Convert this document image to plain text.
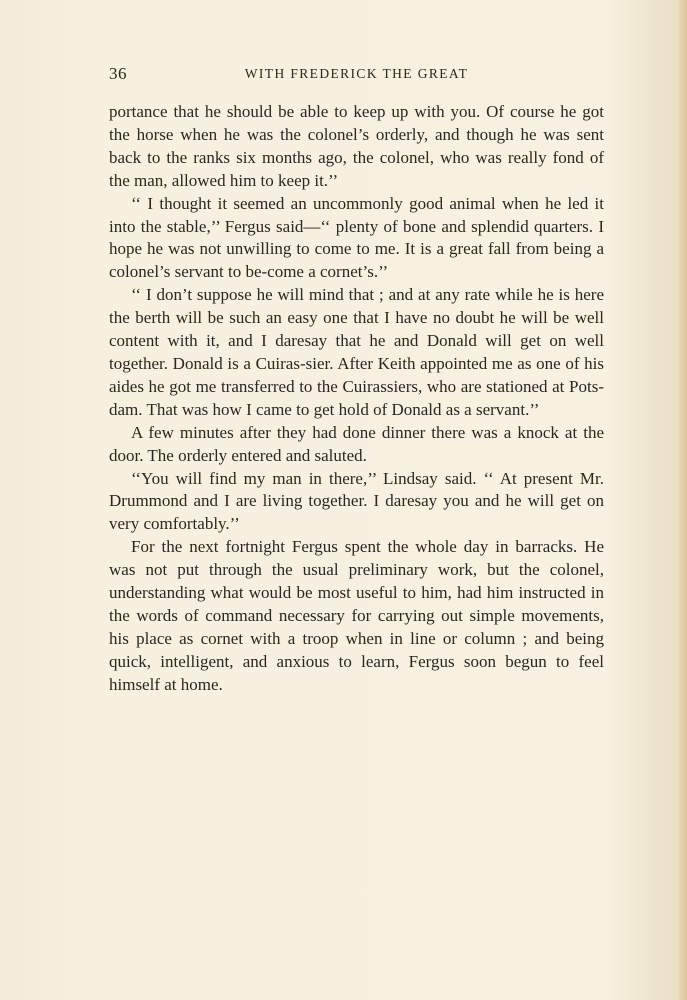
36	WITH FREDERICK THE GREAT

portance that he should be able to keep up with you. Of course he got the horse when he was the colonel’s orderly, and though he was sent back to the ranks six months ago, the colonel, who was really fond of the man, allowed him to keep it.’’

‘‘ I thought it seemed an uncommonly good animal when he led it into the stable,’’ Fergus said—‘‘ plenty of bone and splendid quarters. I hope he was not unwilling to come to me. It is a great fall from being a colonel’s servant to be-come a cornet’s.’’

‘‘ I don’t suppose he will mind that ; and at any rate while he is here the berth will be such an easy one that I have no doubt he will be well content with it, and I daresay that he and Donald will get on well together. Donald is a Cuiras-sier. After Keith appointed me as one of his aides he got me transferred to the Cuirassiers, who are stationed at Pots-dam. That was how I came to get hold of Donald as a servant.’’

A few minutes after they had done dinner there was a knock at the door. The orderly entered and saluted.

‘‘You will find my man in there,’’ Lindsay said. ‘‘ At present Mr. Drummond and I are living together. I daresay you and he will get on very comfortably.’’

For the next fortnight Fergus spent the whole day in barracks. He was not put through the usual preliminary work, but the colonel, understanding what would be most useful to him, had him instructed in the words of command necessary for carrying out simple movements, his place as cornet with a troop when in line or column ; and being quick, intelligent, and anxious to learn, Fergus soon begun to feel himself at home.
